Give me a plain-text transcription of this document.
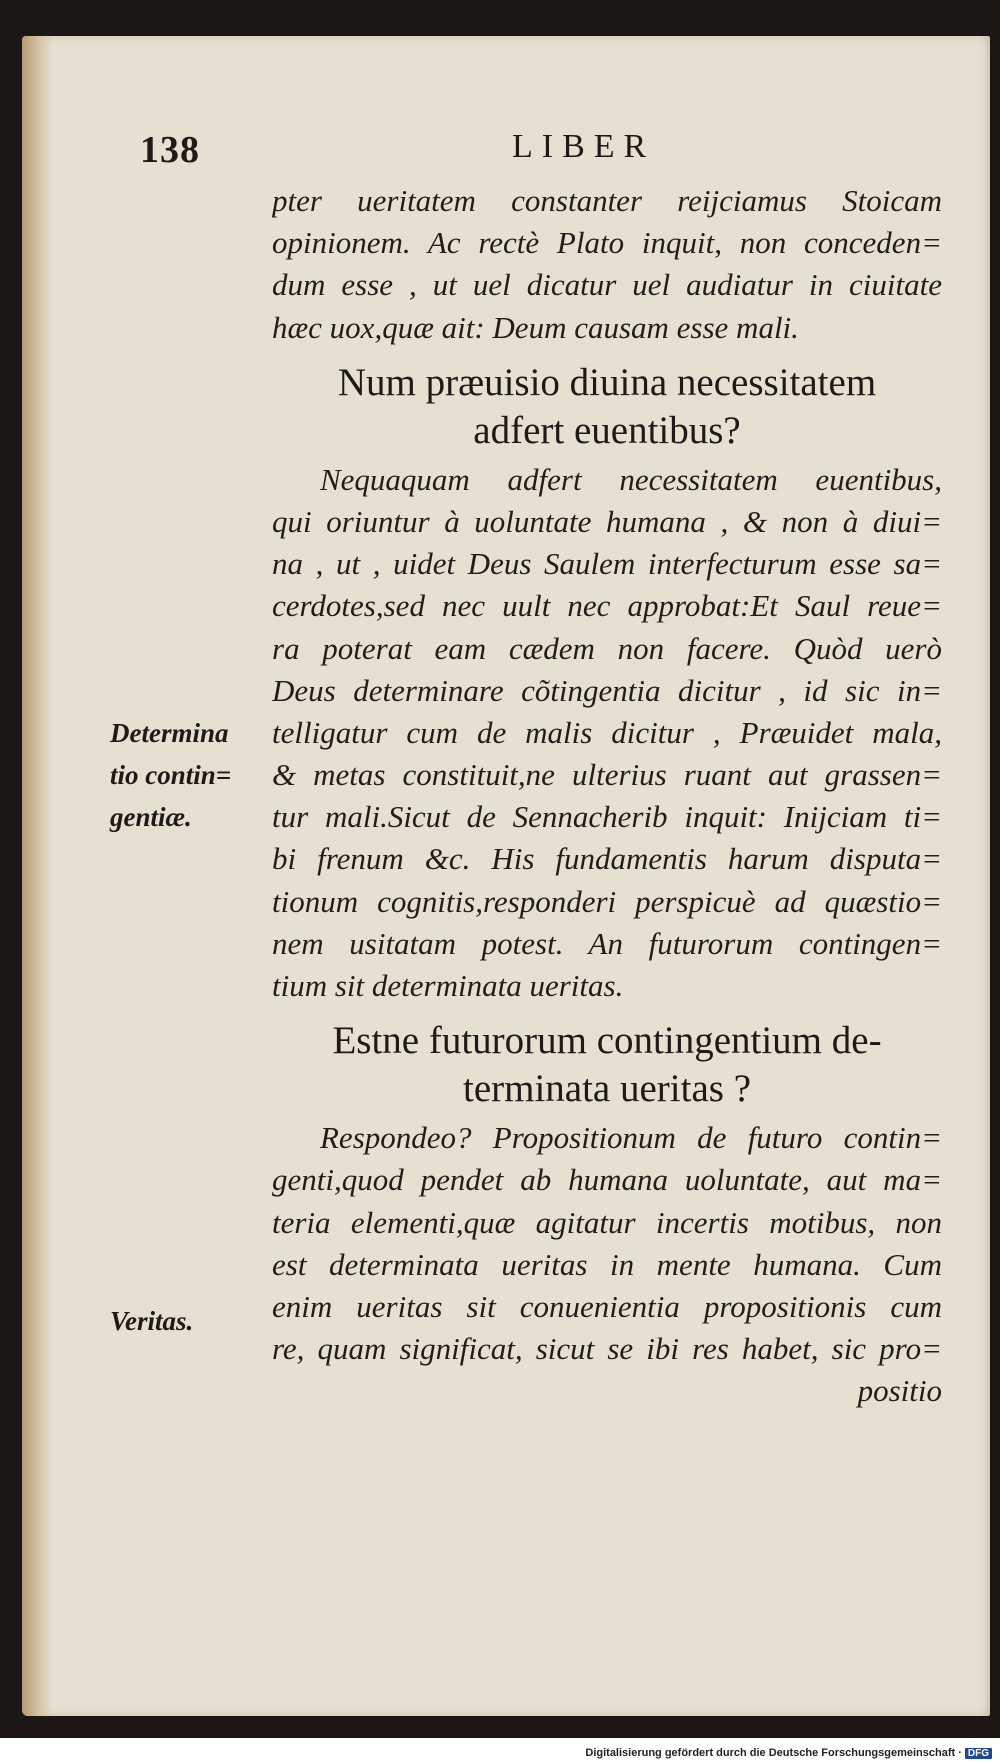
138	LIBER
pter ueritatem constanter reijciamus Stoicam
opinionem. Ac rectè Plato inquit, non conceden=
dum esse , ut uel dicatur uel audiatur in ciuitate
hæc uox,quæ ait: Deum causam esse mali.
Num præuisio diuina necessitatem
adfert euentibus?
Nequaquam adfert necessitatem euentibus,
qui oriuntur à uoluntate humana , & non à diui=
na , ut , uidet Deus Saulem interfecturum esse sa=
cerdotes,sed nec uult nec approbat:Et Saul reue=
ra poterat eam cædem non facere. Quòd uerò
Deus determinare cõtingentia dicitur , id sic in=
telligatur cum de malis dicitur , Præuidet mala,
& metas constituit,ne ulterius ruant aut grassen=
tur mali.Sicut de Sennacherib inquit: Inijciam ti=
bi frenum &c. His fundamentis harum disputa=
tionum cognitis,responderi perspicuè ad quæstio=
nem usitatam potest. An futurorum contingen=
tium sit determinata ueritas.
Estne futurorum contingentium de-
terminata ueritas ?
Respondeo? Propositionum de futuro contin=
genti,quod pendet ab humana uoluntate, aut ma=
teria elementi,quæ agitatur incertis motibus, non
est determinata ueritas in mente humana. Cum
enim ueritas sit conuenientia propositionis cum
re, quam significat, sicut se ibi res habet, sic pro=
positio
Determina
tio contin=
gentiæ.
Veritas.
Digitalisierung gefördert durch die Deutsche Forschungsgemeinschaft · DFG
